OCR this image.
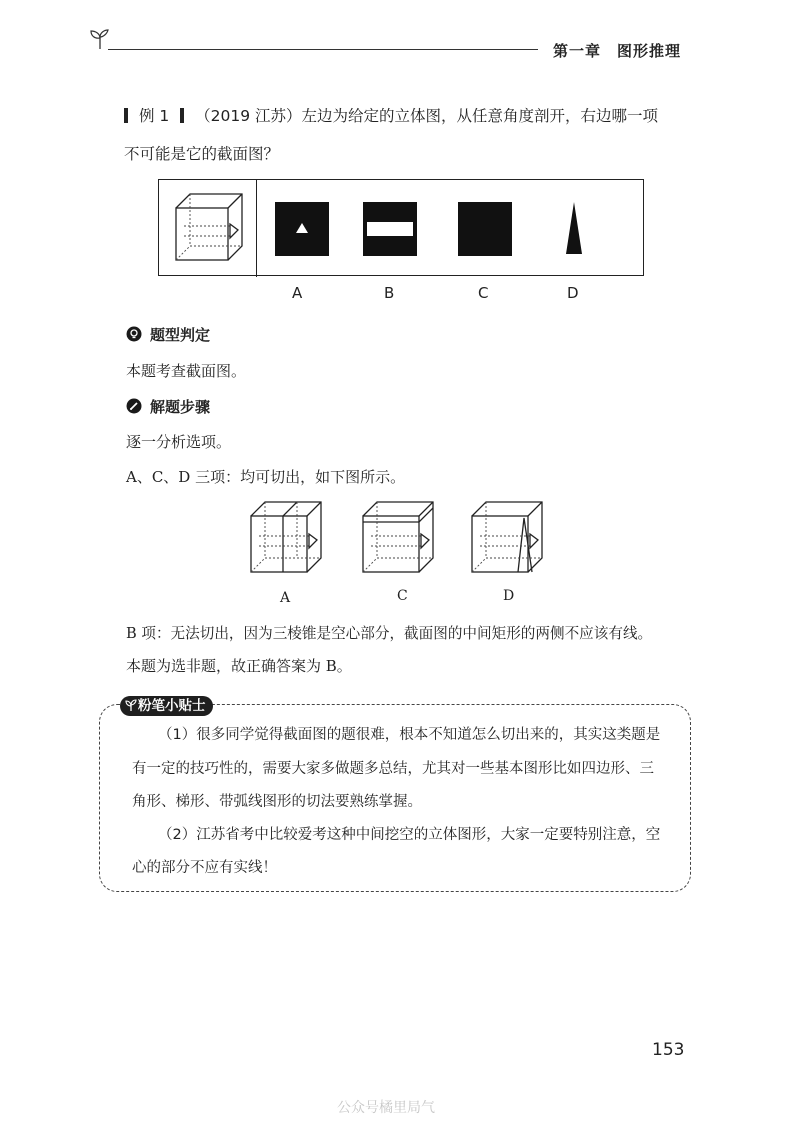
第一章 图形推理
例 1 （2019 江苏）左边为给定的立体图，从任意角度剖开，右边哪一项
不可能是它的截面图？
A	B	C	D
题型判定
本题考查截面图。
解题步骤
逐一分析选项。
A、C、D 三项：均可切出，如下图所示。
A	C	D
B 项：无法切出，因为三棱锥是空心部分，截面图的中间矩形的两侧不应该有线。
本题为选非题，故正确答案为 B。
粉笔小贴士
（1）很多同学觉得截面图的题很难，根本不知道怎么切出来的，其实这类题是
有一定的技巧性的，需要大家多做题多总结，尤其对一些基本图形比如四边形、三
角形、梯形、带弧线图形的切法要熟练掌握。
（2）江苏省考中比较爱考这种中间挖空的立体图形，大家一定要特别注意，空
心的部分不应有实线！
153
公众号橘里局气
